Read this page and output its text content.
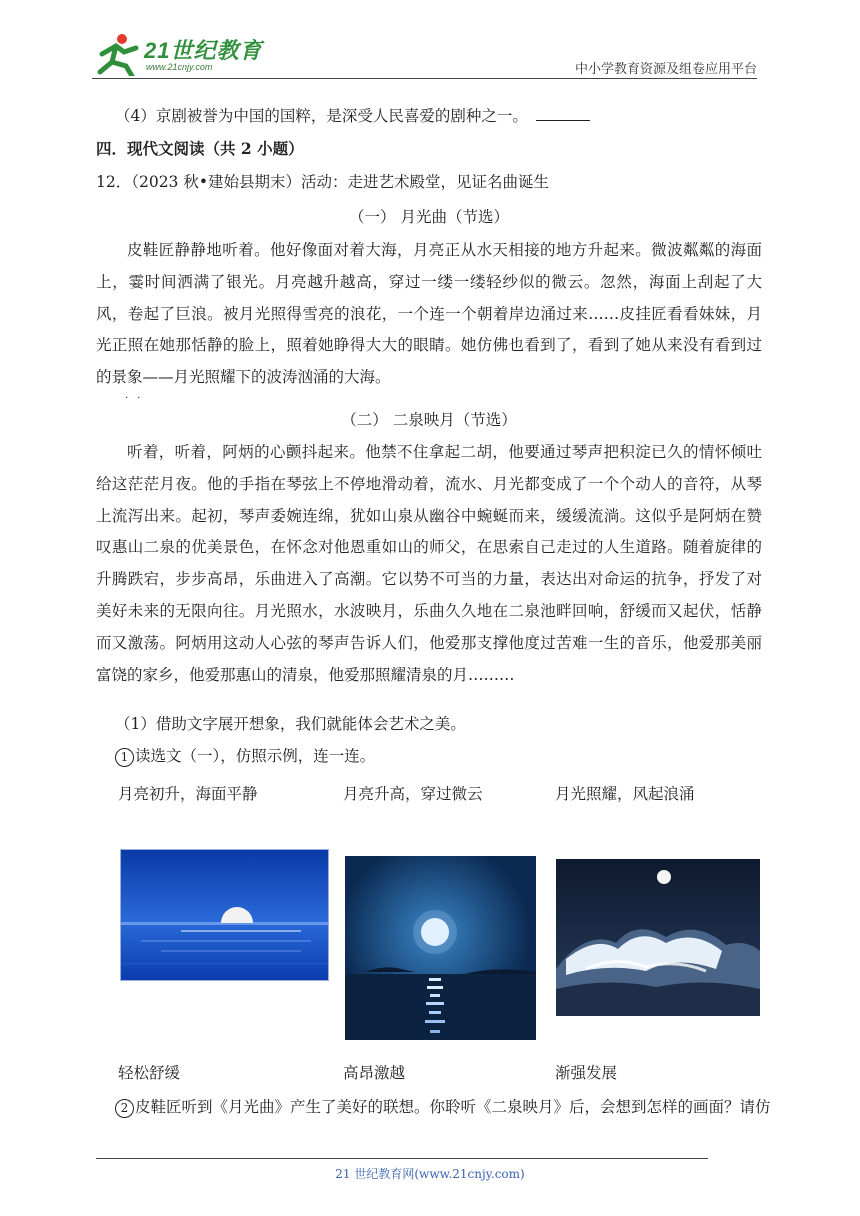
21世纪教育
www.21cnjy.com	中小学教育资源及组卷应用平台
（4）京剧被誉为中国的国粹，是深受人民喜爱的剧种之一。
四．现代文阅读（共 2 小题）
12．（2023 秋•建始县期末）活动：走进艺术殿堂，见证名曲诞生
（一） 月光曲（节选）
皮鞋匠静静地听着。他好像面对着大海，月亮正从水天相接的地方升起来。微波粼粼的海面上，霎时间洒满了银光。月亮越升越高，穿过一缕一缕轻纱似的微云。忽然，海面上刮起了大风，卷起了巨浪。被月光照得雪亮的浪花，一个连一个朝着岸边涌过来……皮挂匠看看妹妹，月光正照在她那恬静的脸上，照着她睁得大大的眼睛。她仿佛也看到了，看到了她从来没有看到过的景象——月光照耀下的波涛汹涌的大海。
··
（二） 二泉映月（节选）
听着，听着，阿炳的心颤抖起来。他禁不住拿起二胡，他要通过琴声把积淀已久的情怀倾吐给这茫茫月夜。他的手指在琴弦上不停地滑动着，流水、月光都变成了一个个动人的音符，从琴上流泻出来。起初，琴声委婉连绵，犹如山泉从幽谷中蜿蜒而来，缓缓流淌。这似乎是阿炳在赞叹惠山二泉的优美景色，在怀念对他恩重如山的师父，在思索自己走过的人生道路。随着旋律的升腾跌宕，步步高昂，乐曲进入了高潮。它以势不可当的力量，表达出对命运的抗争，抒发了对美好未来的无限向往。月光照水，水波映月，乐曲久久地在二泉池畔回响，舒缓而又起伏，恬静而又激荡。阿炳用这动人心弦的琴声告诉人们，他爱那支撑他度过苦难一生的音乐，他爱那美丽富饶的家乡，他爱那惠山的清泉，他爱那照耀清泉的月………
（1）借助文字展开想象，我们就能体会艺术之美。
1 读选文（一），仿照示例，连一连。
月亮初升，海面平静	月亮升高，穿过微云	月光照耀，风起浪涌
轻松舒缓	高昂激越	渐强发展
2 皮鞋匠听到《月光曲》产生了美好的联想。你聆听《二泉映月》后，会想到怎样的画面？请仿
21 世纪教育网(www.21cnjy.com)
